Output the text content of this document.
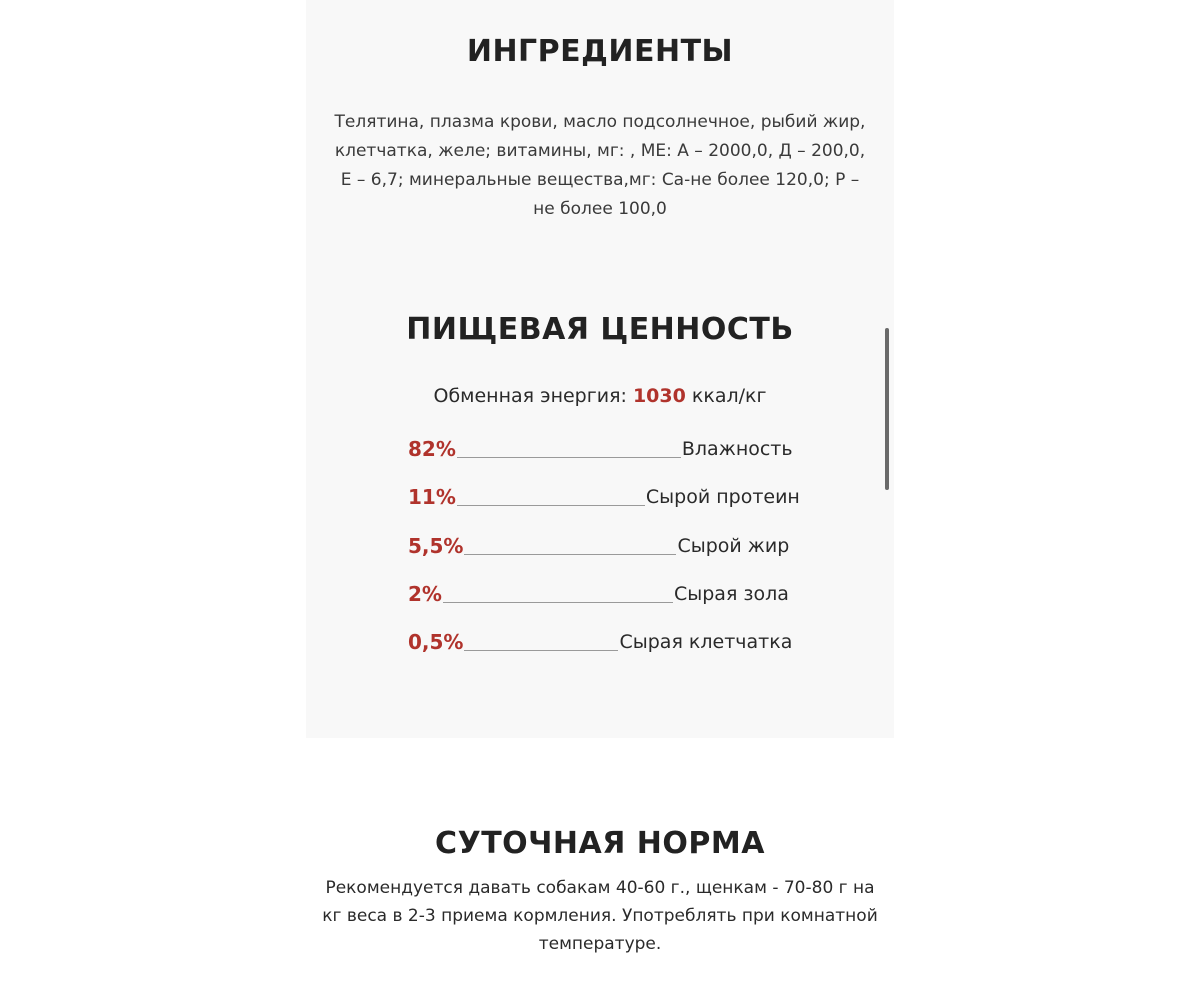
ИНГРЕДИЕНТЫ
ПИЩЕВАЯ ЦЕННОСТЬ

Телятина, плазма крови, масло подсолнечное, рыбий жир, клетчатка, желе; витамины, мг: , МЕ: А – 2000,0, Д – 200,0, Е – 6,7; минеральные вещества,мг: Са-не более 120,0; Р – не более 100,0

Обменная энергия: 1030 ккал/кг
82%	Влажность
11%	Сырой протеин
5,5%	Сырой жир
2%	Сырая зола
0,5%	Сырая клетчатка
СУТОЧНАЯ НОРМА

Рекомендуется давать собакам 40-60 г., щенкам - 70-80 г на кг веса в 2-3 приема кормления. Употреблять при комнатной температуре.
